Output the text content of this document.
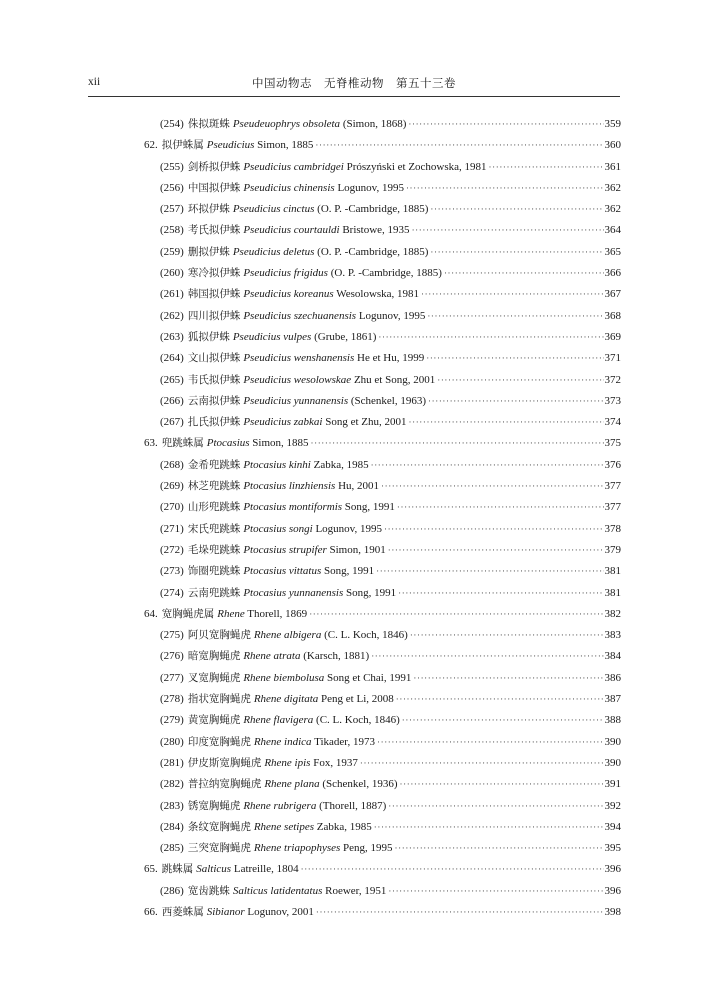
xii	中国动物志　无脊椎动物　第五十三卷
(254) 侏拟斑蛛 Pseudeuophrys obsoleta (Simon, 1868) ·····	359
62. 拟伊蛛属 Pseudicius Simon, 1885 ·····	360
(255) 剑桥拟伊蛛 Pseudicius cambridgei Prószyński et Zochowska, 1981 ·····	361
(256) 中国拟伊蛛 Pseudicius chinensis Logunov, 1995 ·····	362
(257) 环拟伊蛛 Pseudicius cinctus (O. P. -Cambridge, 1885) ·····	362
(258) 考氏拟伊蛛 Pseudicius courtauldi Bristowe, 1935 ·····	364
(259) 删拟伊蛛 Pseudicius deletus (O. P. -Cambridge, 1885) ·····	365
(260) 寒冷拟伊蛛 Pseudicius frigidus (O. P. -Cambridge, 1885) ·····	366
(261) 韩国拟伊蛛 Pseudicius koreanus Wesolowska, 1981 ·····	367
(262) 四川拟伊蛛 Pseudicius szechuanensis Logunov, 1995 ·····	368
(263) 狐拟伊蛛 Pseudicius vulpes (Grube, 1861) ·····	369
(264) 文山拟伊蛛 Pseudicius wenshanensis He et Hu, 1999 ·····	371
(265) 韦氏拟伊蛛 Pseudicius wesolowskae Zhu et Song, 2001 ·····	372
(266) 云南拟伊蛛 Pseudicius yunnanensis (Schenkel, 1963) ·····	373
(267) 扎氏拟伊蛛 Pseudicius zabkai Song et Zhu, 2001 ·····	374
63. 兜跳蛛属 Ptocasius Simon, 1885 ·····	375
(268) 金希兜跳蛛 Ptocasius kinhi Zabka, 1985 ·····	376
(269) 林芝兜跳蛛 Ptocasius linzhiensis Hu, 2001 ·····	377
(270) 山形兜跳蛛 Ptocasius montiformis Song, 1991 ·····	377
(271) 宋氏兜跳蛛 Ptocasius songi Logunov, 1995 ·····	378
(272) 毛垛兜跳蛛 Ptocasius strupifer Simon, 1901 ·····	379
(273) 饰圈兜跳蛛 Ptocasius vittatus Song, 1991 ·····	381
(274) 云南兜跳蛛 Ptocasius yunnanensis Song, 1991 ·····	381
64. 宽胸蝇虎属 Rhene Thorell, 1869 ·····	382
(275) 阿贝宽胸蝇虎 Rhene albigera (C. L. Koch, 1846) ·····	383
(276) 暗宽胸蝇虎 Rhene atrata (Karsch, 1881) ·····	384
(277) 叉宽胸蝇虎 Rhene biembolusa Song et Chai, 1991 ·····	386
(278) 指状宽胸蝇虎 Rhene digitata Peng et Li, 2008 ·····	387
(279) 黄宽胸蝇虎 Rhene flavigera (C. L. Koch, 1846) ·····	388
(280) 印度宽胸蝇虎 Rhene indica Tikader, 1973 ·····	390
(281) 伊皮斯宽胸蝇虎 Rhene ipis Fox, 1937 ·····	390
(282) 普拉纳宽胸蝇虎 Rhene plana (Schenkel, 1936) ·····	391
(283) 锈宽胸蝇虎 Rhene rubrigera (Thorell, 1887) ·····	392
(284) 条纹宽胸蝇虎 Rhene setipes Zabka, 1985 ·····	394
(285) 三突宽胸蝇虎 Rhene triapophyses Peng, 1995 ·····	395
65. 跳蛛属 Salticus Latreille, 1804 ·····	396
(286) 宽齿跳蛛 Salticus latidentatus Roewer, 1951 ·····	396
66. 西菱蛛属 Sibianor Logunov, 2001 ·····	398
